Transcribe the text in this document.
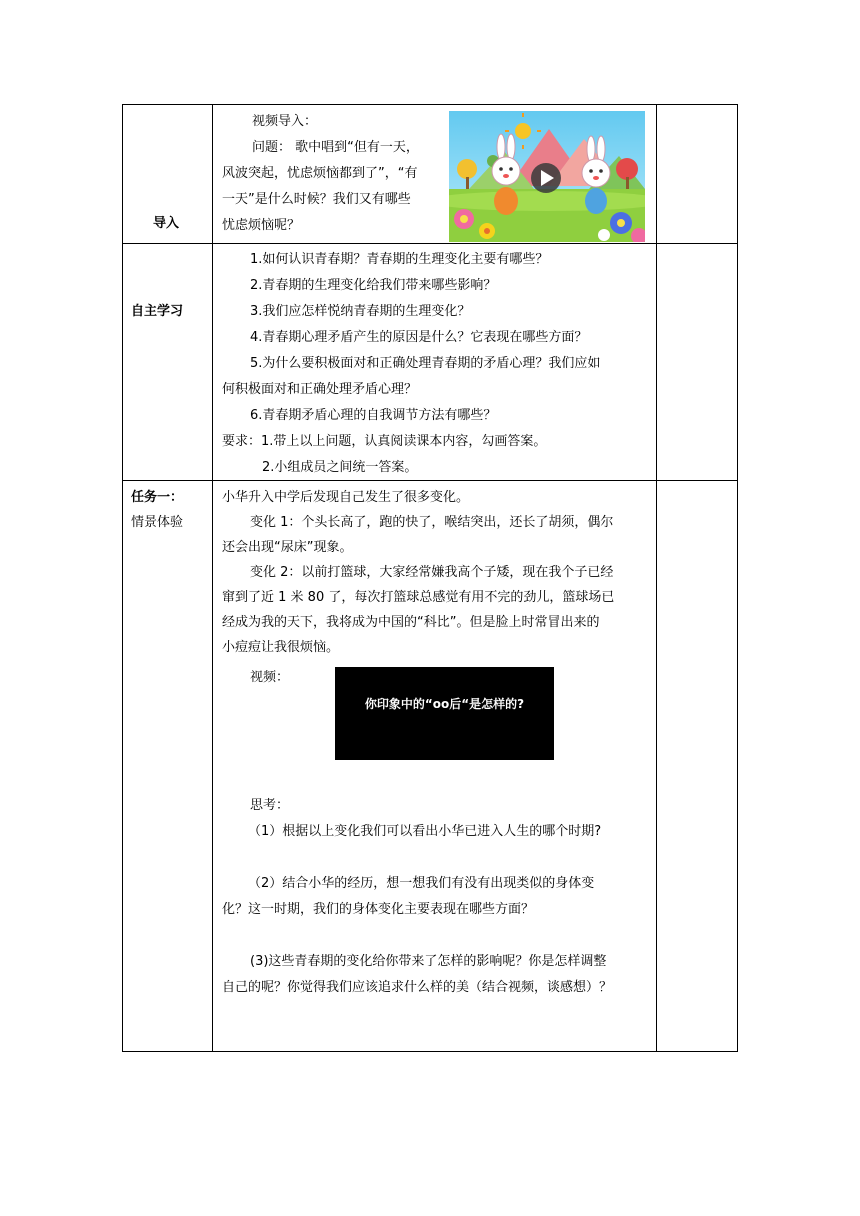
导入
视频导入：
问题： 歌中唱到“但有一天，
风波突起，忧虑烦恼都到了”，“有
一天”是什么时候？我们又有哪些
忧虑烦恼呢？
自主学习
1.如何认识青春期？青春期的生理变化主要有哪些？
2.青春期的生理变化给我们带来哪些影响？
3.我们应怎样悦纳青春期的生理变化？
4.青春期心理矛盾产生的原因是什么？它表现在哪些方面？
5.为什么要积极面对和正确处理青春期的矛盾心理？我们应如
何积极面对和正确处理矛盾心理？
6.青春期矛盾心理的自我调节方法有哪些？
要求：1.带上以上问题，认真阅读课本内容，勾画答案。
2.小组成员之间统一答案。
任务一：
情景体验
小华升入中学后发现自己发生了很多变化。
变化 1：个头长高了，跑的快了，喉结突出，还长了胡须，偶尔
还会出现“尿床”现象。
变化 2：以前打篮球，大家经常嫌我高个子矮，现在我个子已经
窜到了近 1 米 80 了，每次打篮球总感觉有用不完的劲儿，篮球场已
经成为我的天下，我将成为中国的“科比”。但是脸上时常冒出来的
小痘痘让我很烦恼。
视频：
你印象中的“oo后“是怎样的?
思考：
（1）根据以上变化我们可以看出小华已进入人生的哪个时期?
（2）结合小华的经历，想一想我们有没有出现类似的身体变
化？这一时期，我们的身体变化主要表现在哪些方面？
(3)这些青春期的变化给你带来了怎样的影响呢？你是怎样调整
自己的呢？你觉得我们应该追求什么样的美（结合视频，谈感想）？
